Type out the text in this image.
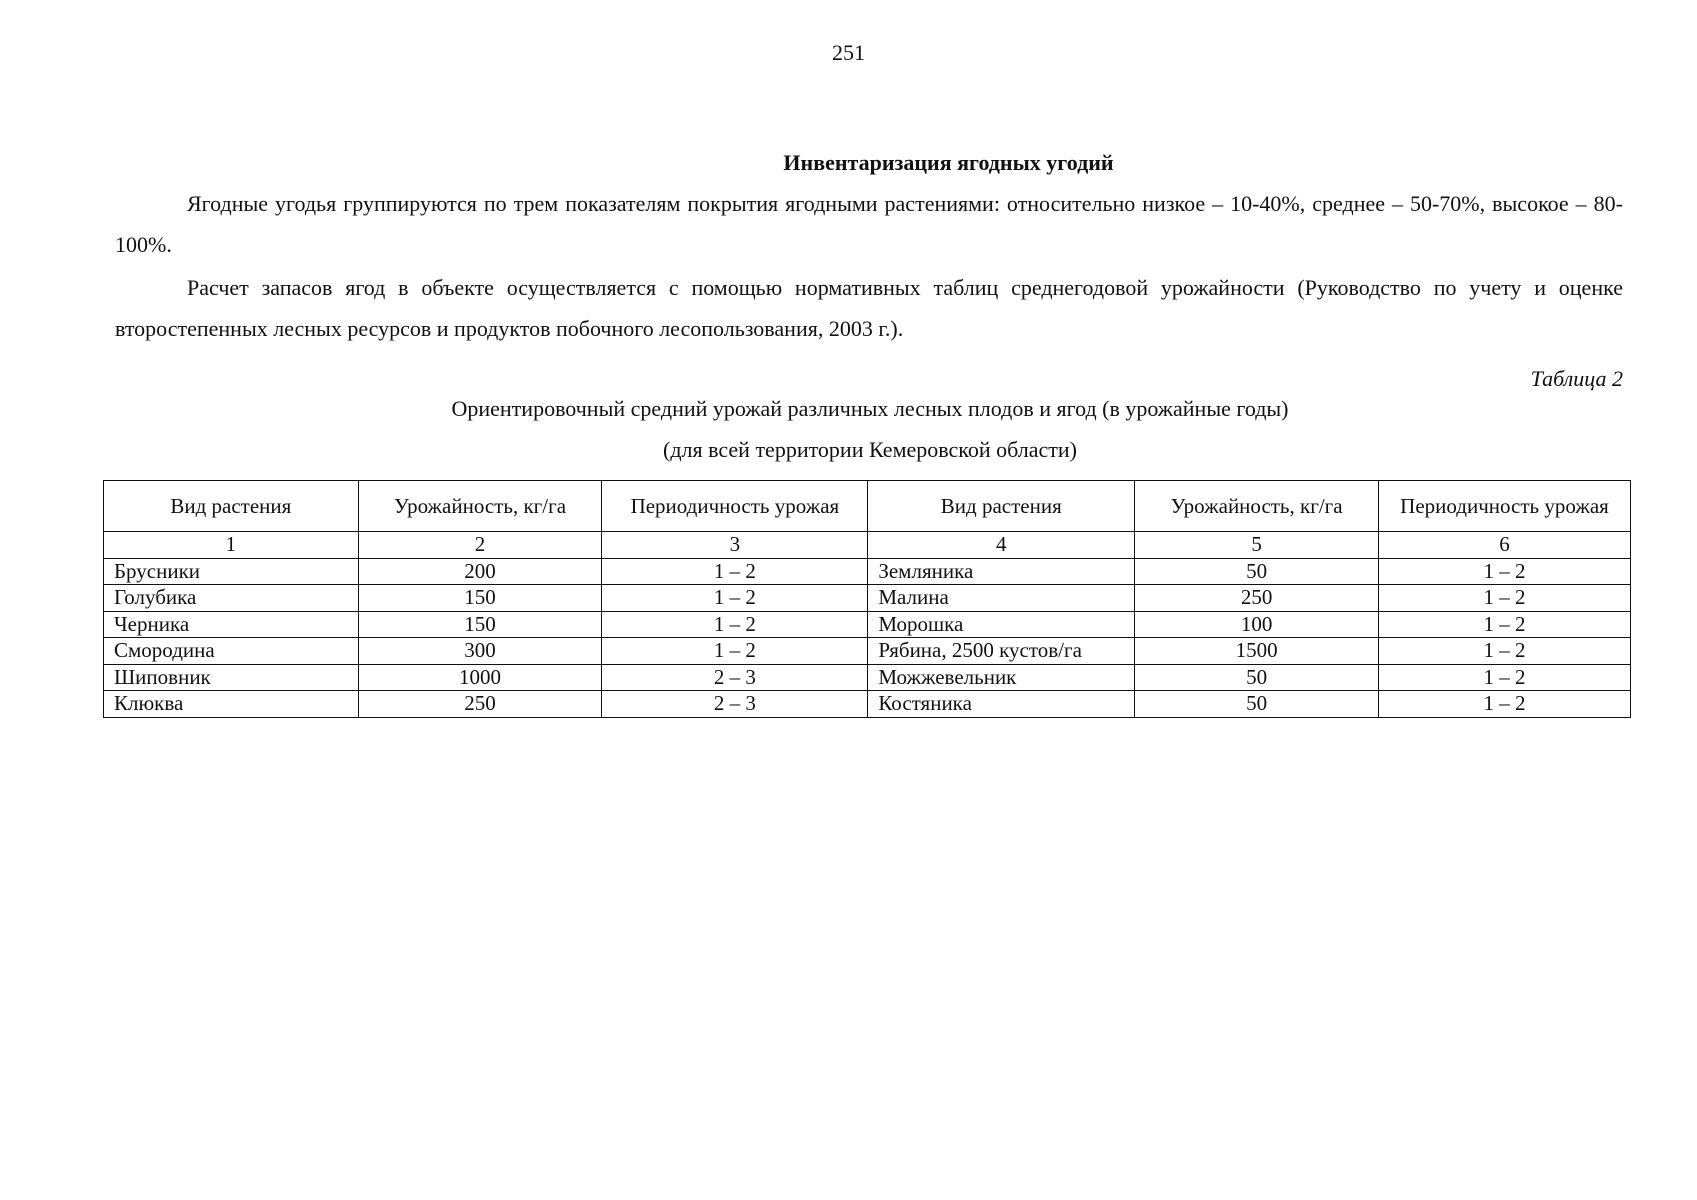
251
Инвентаризация ягодных угодий
Ягодные угодья группируются по трем показателям покрытия ягодными растениями: относительно низкое – 10-40%, среднее – 50-70%, высокое – 80-100%.
Расчет запасов ягод в объекте осуществляется с помощью нормативных таблиц среднегодовой урожайности (Руководство по учету и оценке второстепенных лесных ресурсов и продуктов побочного лесопользования, 2003 г.).
Таблица 2
Ориентировочный средний урожай различных лесных плодов и ягод (в урожайные годы)
(для всей территории Кемеровской области)
Вид растения	Урожайность, кг/га	Периодичность урожая	Вид растения	Урожайность, кг/га	Периодичность урожая
1	2	3	4	5	6
Брусники	200	1 – 2	Земляника	50	1 – 2
Голубика	150	1 – 2	Малина	250	1 – 2
Черника	150	1 – 2	Морошка	100	1 – 2
Смородина	300	1 – 2	Рябина, 2500 кустов/га	1500	1 – 2
Шиповник	1000	2 – 3	Можжевельник	50	1 – 2
Клюква	250	2 – 3	Костяника	50	1 – 2
